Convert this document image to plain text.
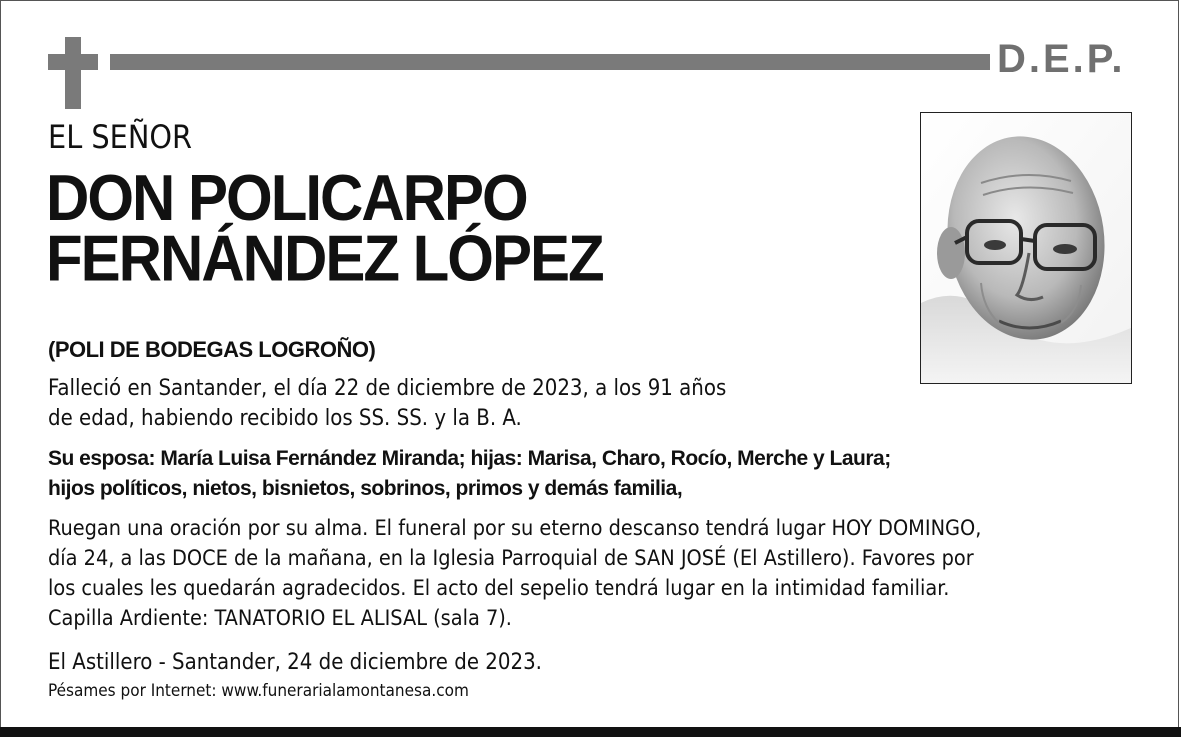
D.E.P.
EL SEÑOR
DON POLICARPO
FERNÁNDEZ LÓPEZ
(POLI DE BODEGAS LOGROÑO)
Falleció en Santander, el día 22 de diciembre de 2023, a los 91 años
de edad, habiendo recibido los SS. SS. y la B. A.
Su esposa: María Luisa Fernández Miranda; hijas: Marisa, Charo, Rocío, Merche y Laura;
hijos políticos, nietos, bisnietos, sobrinos, primos y demás familia,
Ruegan una oración por su alma. El funeral por su eterno descanso tendrá lugar HOY DOMINGO,
día 24, a las DOCE de la mañana, en la Iglesia Parroquial de SAN JOSÉ (El Astillero). Favores por
los cuales les quedarán agradecidos. El acto del sepelio tendrá lugar en la intimidad familiar.
Capilla Ardiente: TANATORIO EL ALISAL (sala 7).
El Astillero - Santander, 24 de diciembre de 2023.
Pésames por Internet: www.funerarialamontanesa.com
